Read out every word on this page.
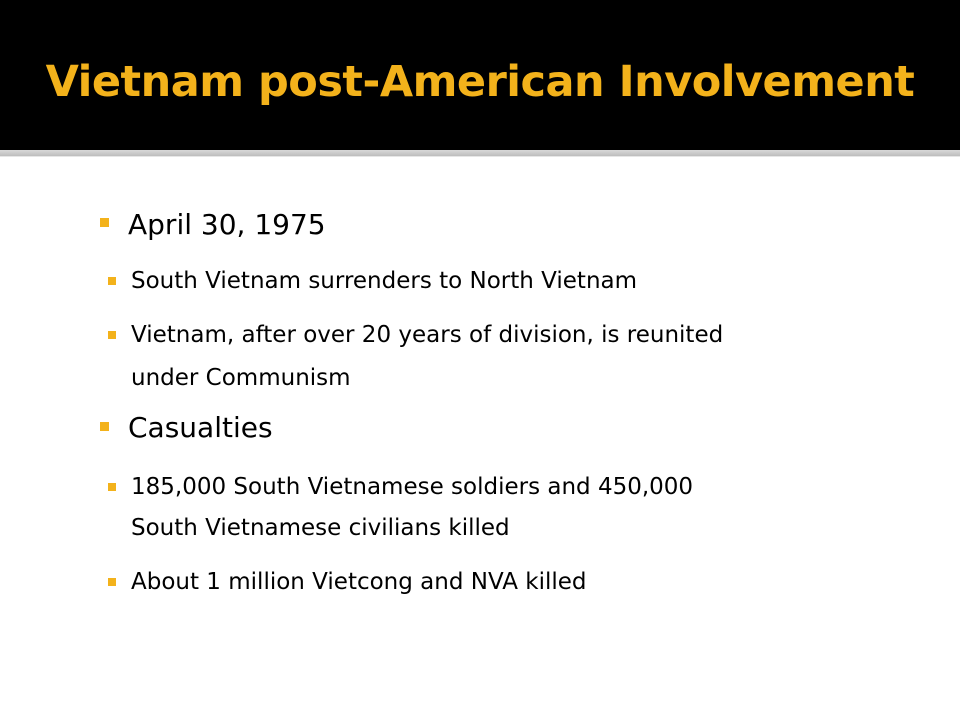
Vietnam post-American Involvement
April 30, 1975
South Vietnam surrenders to North Vietnam
Vietnam, after over 20 years of division, is reunited
under Communism
Casualties
185,000 South Vietnamese soldiers and 450,000
South Vietnamese civilians killed
About 1 million Vietcong and NVA killed
